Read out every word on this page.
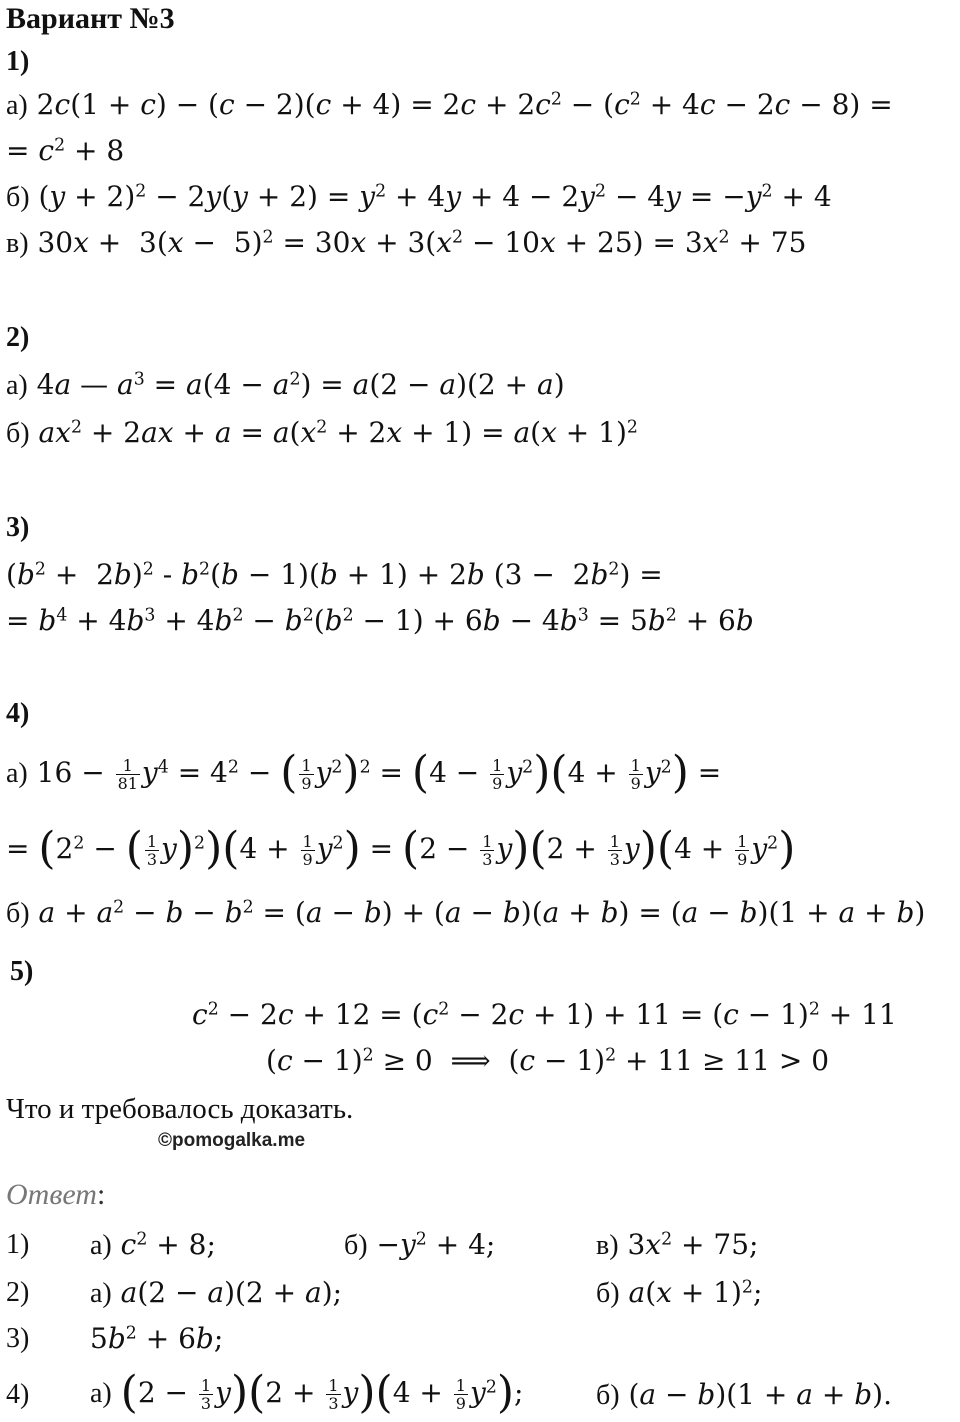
Вариант №3
1)
а) $2c(1 + c) - (c - 2)(c + 4) = 2c + 2c^2 - (c^2 + 4c - 2c - 8)$ =
= $c^2 + 8$
б) $(y + 2)^2 - 2y(y + 2) = y^2 + 4y + 4 - 2y^2 - 4y = -y^2 + 4$
в) $30x + 3(x - 5)^2 = 30x + 3(x^2 - 10x + 25) = 3x^2 + 75$
2)
а) 4a — $a^3 = a(4 - a^2) = a(2 - a)(2 + a)$
б) $ax^2 + 2ax + a = a(x^2 + 2x + 1) = a(x + 1)^2$
3)
$(b^2 + 2b)^2 - b^2(b - 1)(b + 1) + 2b$ $(3 - 2b^2)$ =
= $b^4 + 4b^3 + 4b^2 - b^2(b^2 - 1) + 6b - 4b^3 = 5b^2 + 6b$
4)
а) $16 - \frac{1}{81} y^4 = 4^2$ − ( $\frac{1}{9} y^2)^2 = (4 - \frac{1}{9} y^2)(4 + \frac{1}{9} y^2)$ =
= ($2^2$ − ( $\frac{1}{3} y)^2)(4 + \frac{1}{9} y^2) = (2 - \frac{1}{3} y)(2 + \frac{1}{3} y)(4 + \frac{1}{9} y^2)$
б) $a + a^2 - b - b^2 = (a - b) + (a - b)(a + b) = (a - b)(1 + a + b)$
5)
$c^2 - 2c + 12 = (c^2 - 2c + 1) + 11 = (c - 1)^2 + 11$
$(c - 1)^2 \ge 0$  ⟹  $(c - 1)^2 + 11 \ge 11 > 0$
Что и требовалось доказать.
©pomogalka.me
Ответ:
1) а) $c^2 + 8$;	$б) -y^2 + 4$;	в) $3x^2 + 75$;
2) а) a(2 − a)(2 + a);	б) $a(x + 1)^2$;
3) $5b^2 + 6b$;
4) а) $(2 - \frac{1}{3} y)(2 + \frac{1}{3} y)(4 + \frac{1}{9} y^2)$;	б) (a − b)(1 + a + b).
